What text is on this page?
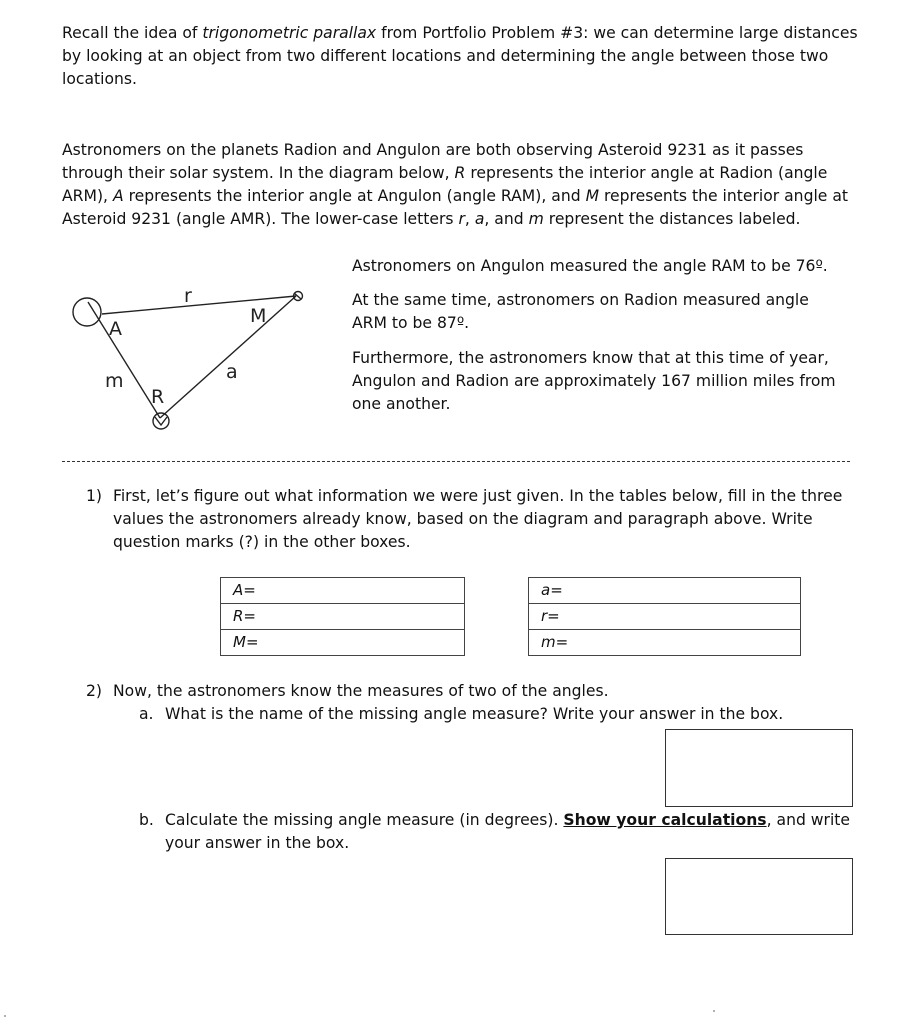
Recall the idea of trigonometric parallax from Portfolio Problem #3: we can determine large distances by looking at an object from two different locations and determining the angle between those two locations.

Astronomers on the planets Radion and Angulon are both observing Asteroid 9231 as it passes through their solar system. In the diagram below, R represents the interior angle at Radion (angle ARM), A represents the interior angle at Angulon (angle RAM), and M represents the interior angle at Asteroid 9231 (angle AMR). The lower-case letters r, a, and m represent the distances labeled.

r
A
M
m	a
R

Astronomers on Angulon measured the angle RAM to be 76º.

At the same time, astronomers on Radion measured angle ARM to be 87º.

Furthermore, the astronomers know that at this time of year, Angulon and Radion are approximately 167 million miles from one another.

1) First, let’s figure out what information we were just given. In the tables below, fill in the three values the astronomers already know, based on the diagram and paragraph above. Write question marks (?) in the other boxes.

A=
R=
M=
a=
r=
m=
2) Now, the astronomers know the measures of two of the angles.

a. What is the name of the missing angle measure? Write your answer in the box.

b. Calculate the missing angle measure (in degrees). Show your calculations, and write your answer in the box.
